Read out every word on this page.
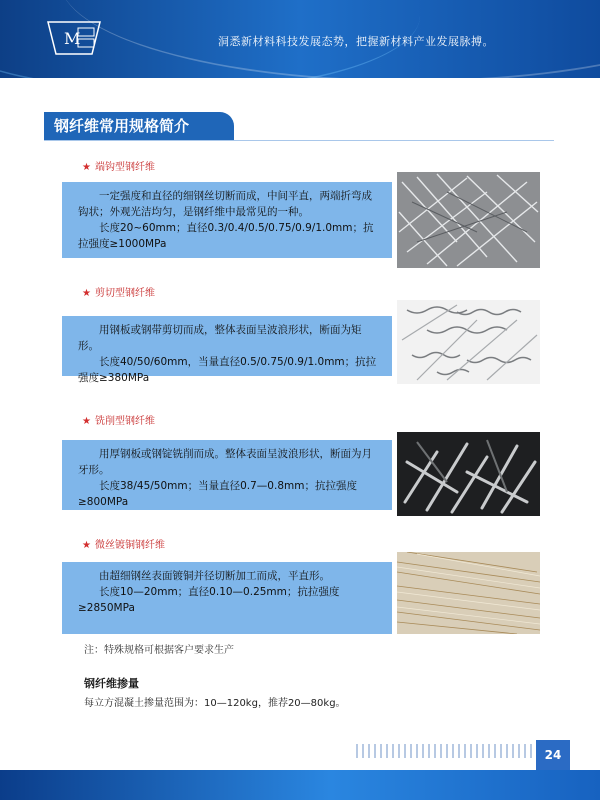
M	洞悉新材料科技发展态势，把握新材料产业发展脉搏。
钢纤维常用规格简介
★ 端钩型钢纤维

一定强度和直径的细钢丝切断而成，中间平直，两端折弯成钩状；外观光洁均匀，是钢纤维中最常见的一种。

长度20~60mm；直径0.3/0.4/0.5/0.75/0.9/1.0mm；抗拉强度≥1000MPa

★ 剪切型钢纤维

用钢板或钢带剪切而成，整体表面呈波浪形状，断面为矩形。

长度40/50/60mm，当量直径0.5/0.75/0.9/1.0mm；抗拉强度≥380MPa

★ 铣削型钢纤维

用厚钢板或钢锭铣削而成。整体表面呈波浪形状，断面为月牙形。

长度38/45/50mm；当量直径0.7—0.8mm；抗拉强度≥800MPa

★ 微丝镀铜钢纤维

由超细钢丝表面镀铜并径切断加工而成，平直形。

长度10—20mm；直径0.10—0.25mm；抗拉强度≥2850MPa

注：特殊规格可根据客户要求生产
钢纤维掺量
每立方混凝土掺量范围为：10—120kg，推荐20—80kg。
24
